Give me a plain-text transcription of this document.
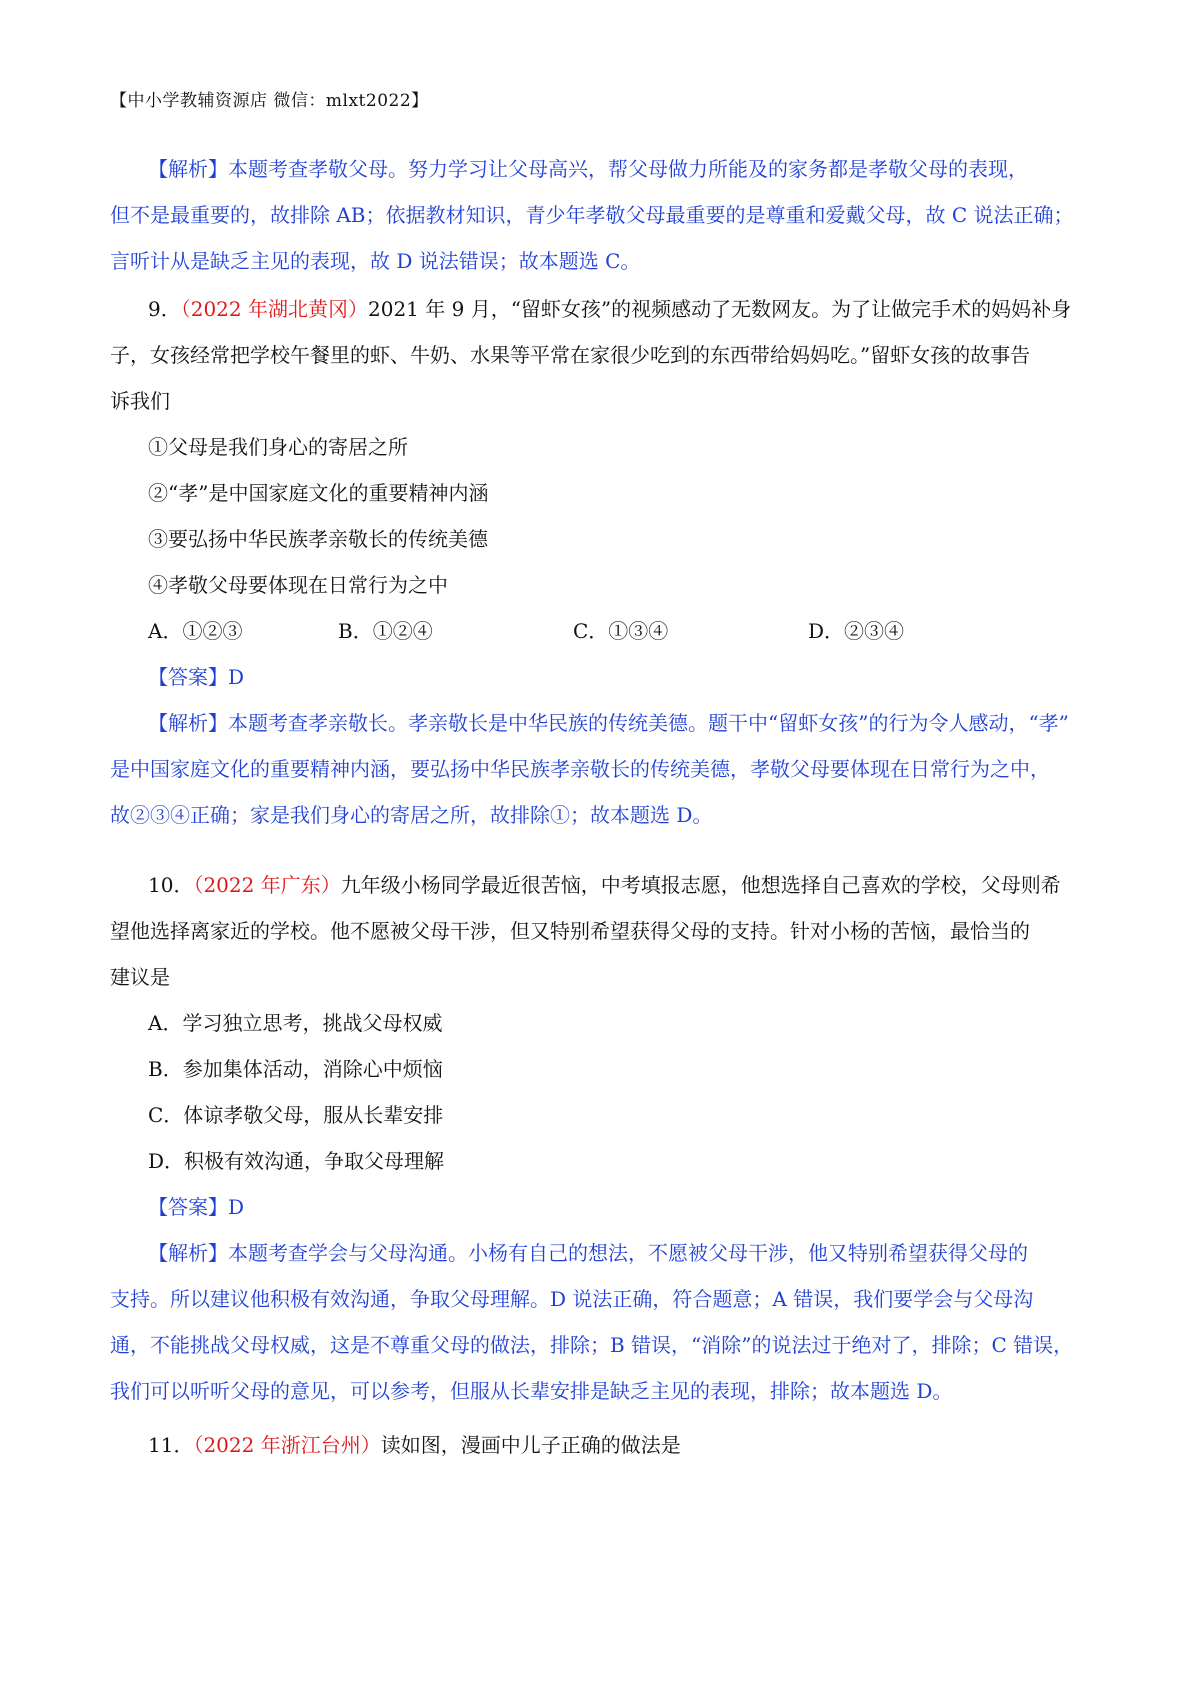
【中小学教辅资源店 微信：mlxt2022】
【解析】本题考查孝敬父母。努力学习让父母高兴，帮父母做力所能及的家务都是孝敬父母的表现，
但不是最重要的，故排除 AB；依据教材知识，青少年孝敬父母最重要的是尊重和爱戴父母，故 C 说法正确；
言听计从是缺乏主见的表现，故 D 说法错误；故本题选 C。
9．（2022 年湖北黄冈）2021 年 9 月，“留虾女孩”的视频感动了无数网友。为了让做完手术的妈妈补身
子，女孩经常把学校午餐里的虾、牛奶、水果等平常在家很少吃到的东西带给妈妈吃。”留虾女孩的故事告
诉我们
①父母是我们身心的寄居之所
②“孝”是中国家庭文化的重要精神内涵
③要弘扬中华民族孝亲敬长的传统美德
④孝敬父母要体现在日常行为之中
A．①②③	B．①②④	C．①③④	D．②③④
【答案】D
【解析】本题考查孝亲敬长。孝亲敬长是中华民族的传统美德。题干中“留虾女孩”的行为令人感动，“孝”
是中国家庭文化的重要精神内涵，要弘扬中华民族孝亲敬长的传统美德，孝敬父母要体现在日常行为之中，
故②③④正确；家是我们身心的寄居之所，故排除①；故本题选 D。
10．（2022 年广东）九年级小杨同学最近很苦恼，中考填报志愿，他想选择自己喜欢的学校，父母则希
望他选择离家近的学校。他不愿被父母干涉，但又特别希望获得父母的支持。针对小杨的苦恼，最恰当的
建议是
A．学习独立思考，挑战父母权威
B．参加集体活动，消除心中烦恼
C．体谅孝敬父母，服从长辈安排
D．积极有效沟通，争取父母理解
【答案】D
【解析】本题考查学会与父母沟通。小杨有自己的想法，不愿被父母干涉，他又特别希望获得父母的
支持。所以建议他积极有效沟通，争取父母理解。D 说法正确，符合题意；A 错误，我们要学会与父母沟
通，不能挑战父母权威，这是不尊重父母的做法，排除；B 错误，“消除”的说法过于绝对了，排除；C 错误，
我们可以听听父母的意见，可以参考，但服从长辈安排是缺乏主见的表现，排除；故本题选 D。
11．（2022 年浙江台州）读如图，漫画中儿子正确的做法是
